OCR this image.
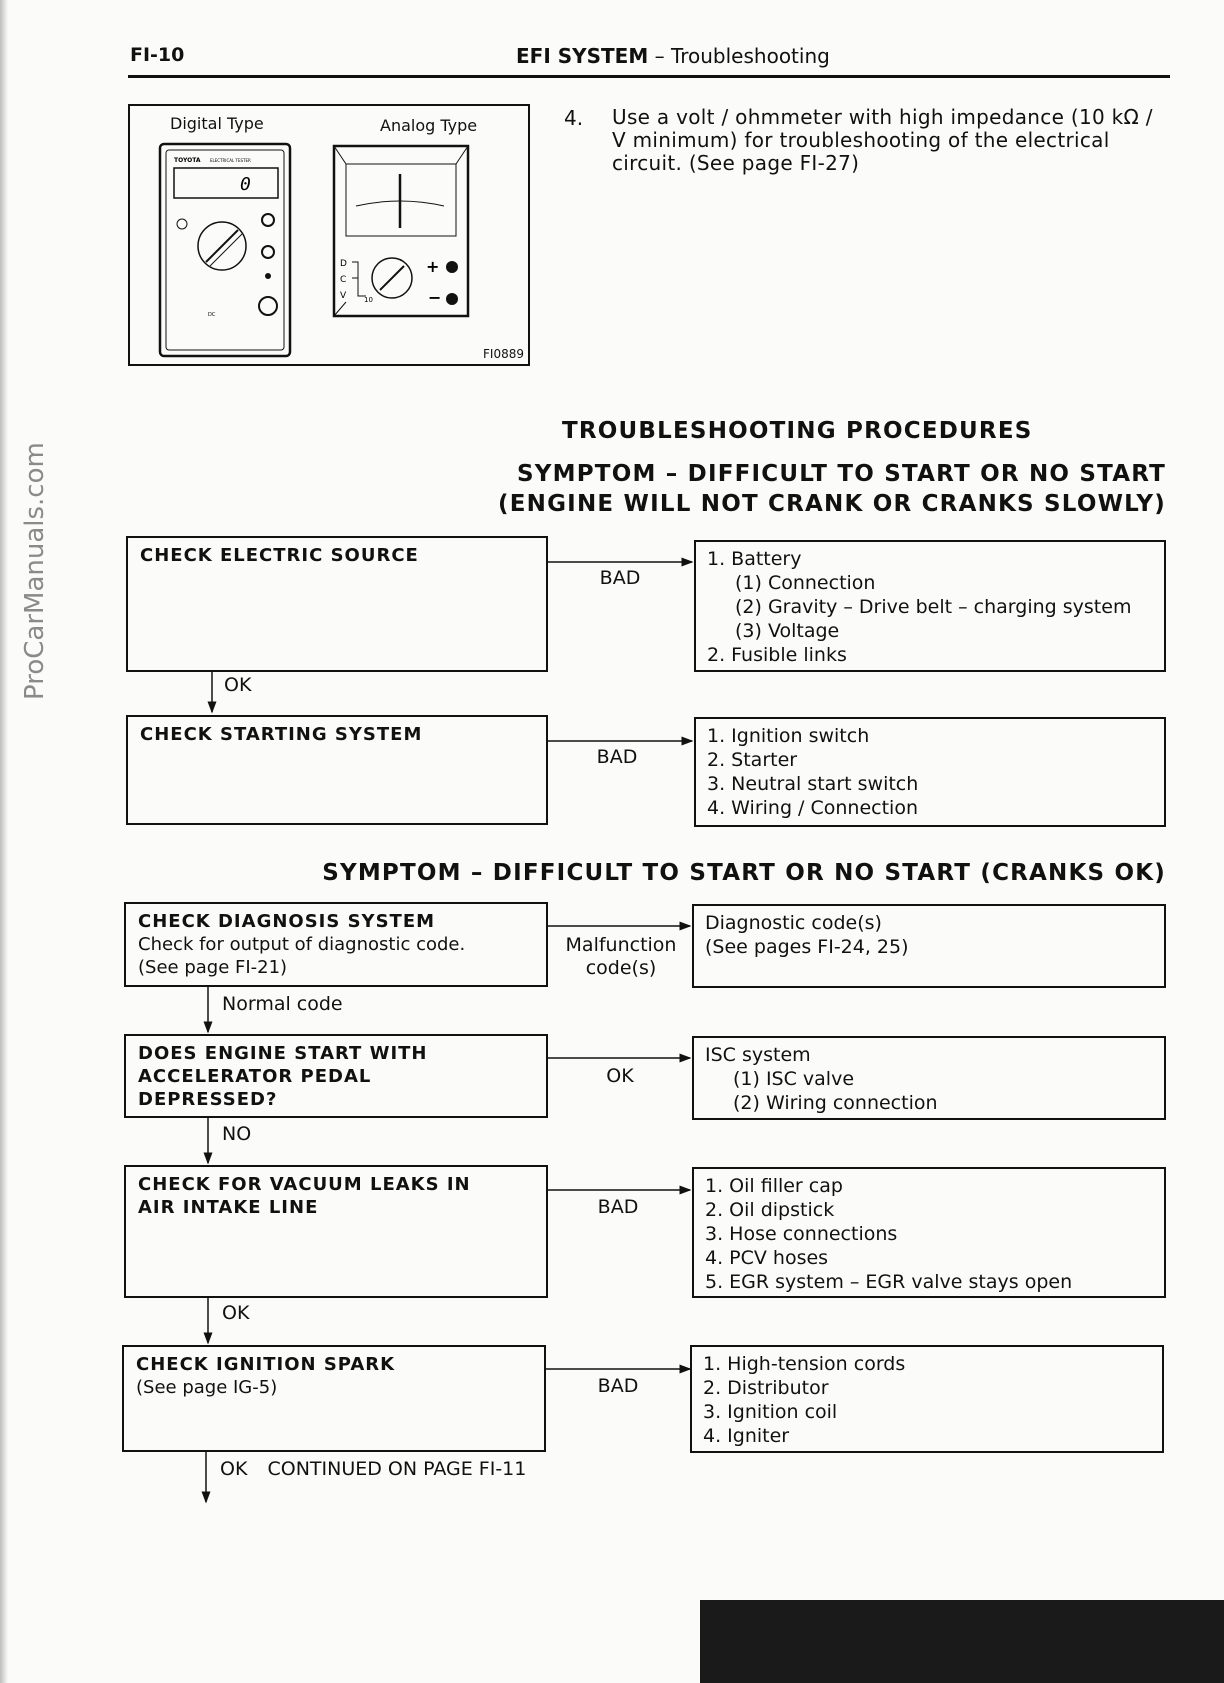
FI-10	EFI SYSTEM – Troubleshooting
TOYOTA ELECTRICAL TESTER
0
DC
D
C
V	10
+
−
Digital Type	Analog Type
FI0889
4. Use a volt / ohmmeter with high impedance (10 kΩ / V minimum) for troubleshooting of the electrical circuit. (See page FI-27)
TROUBLESHOOTING PROCEDURES
SYMPTOM – DIFFICULT TO START OR NO START
(ENGINE WILL NOT CRANK OR CRANKS SLOWLY)
SYMPTOM – DIFFICULT TO START OR NO START (CRANKS OK)
CHECK ELECTRIC SOURCE
BAD
1. Battery
(1) Connection
(2) Gravity – Drive belt – charging system
(3) Voltage
2. Fusible links
OK
CHECK STARTING SYSTEM
BAD
1. Ignition switch
2. Starter
3. Neutral start switch
4. Wiring / Connection
CHECK DIAGNOSIS SYSTEM
Check for output of diagnostic code.
(See page FI-21)
Malfunction
code(s)
Diagnostic code(s)
(See pages FI-24, 25)
Normal code
DOES ENGINE START WITH
ACCELERATOR PEDAL
DEPRESSED?
OK
ISC system
(1) ISC valve
(2) Wiring connection
NO
CHECK FOR VACUUM LEAKS IN
AIR INTAKE LINE	BAD
1. Oil filler cap
2. Oil dipstick
3. Hose connections
4. PCV hoses
5. EGR system – EGR valve stays open
OK
CHECK IGNITION SPARK
(See page IG-5)	BAD
1. High-tension cords
2. Distributor
3. Ignition coil
4. Igniter
OK CONTINUED ON PAGE FI-11
ProCarManuals.com
